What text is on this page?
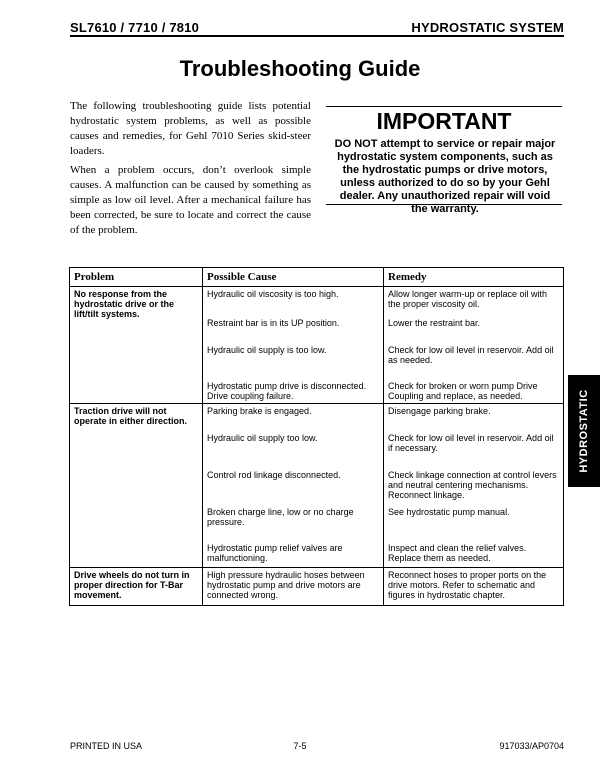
SL7610 / 7710 / 7810	HYDROSTATIC SYSTEM
Troubleshooting Guide

The following troubleshooting guide lists potential hydrostatic system problems, as well as possible causes and remedies, for Gehl 7010 Series skid-steer loaders.

When a problem occurs, don’t overlook simple causes. A malfunction can be caused by something as simple as low oil level. After a mechanical failure has been corrected, be sure to locate and correct the cause of the problem.

IMPORTANT
DO NOT attempt to service or repair major hydrostatic system components, such as the hydrostatic pumps or drive motors, unless authorized to do so by your Gehl dealer. Any unauthorized repair will void the warranty.
Problem	Possible Cause	Remedy
No response from the hydrostatic drive or the lift/tilt systems.	Hydraulic oil viscosity is too high.	Allow longer warm-up or replace oil with the proper viscosity oil.
	Restraint bar is in its UP position.	Lower the restraint bar.
	Hydraulic oil supply is too low.	Check for low oil level in reservoir. Add oil as needed.
	Hydrostatic pump drive is disconnected. Drive coupling failure.	Check for broken or worn pump Drive Coupling and replace, as needed.
Traction drive will not operate in either direction.	Parking brake is engaged.	Disengage parking brake.
	Hydraulic oil supply too low.	Check for low oil level in reservoir. Add oil if necessary.
	Control rod linkage disconnected.	Check linkage connection at control levers and neutral centering mechanisms. Reconnect linkage.
	Broken charge line, low or no charge pressure.	See hydrostatic pump manual.
	Hydrostatic pump relief valves are malfunctioning.	Inspect and clean the relief valves. Replace them as needed.
Drive wheels do not turn in proper direction for T-Bar movement.	High pressure hydraulic hoses between hydrostatic pump and drive motors are connected wrong.	Reconnect hoses to proper ports on the drive motors. Refer to schematic and figures in hydrostatic chapter.
HYDROSTATIC
PRINTED IN USA	7-5	917033/AP0704
